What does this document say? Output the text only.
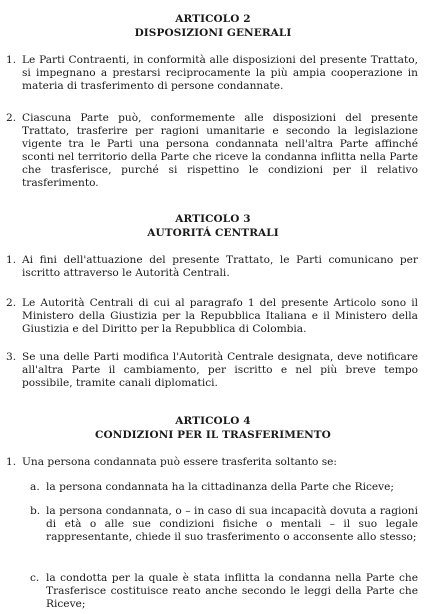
ARTICOLO 2
DISPOSIZIONI GENERALI
1. Le Parti Contraenti, in conformità alle disposizioni del presente Trattato, si impegnano a prestarsi reciprocamente la più ampia cooperazione in materia di trasferimento di persone condannate.
2. Ciascuna Parte può, conformemente alle disposizioni del presente Trattato, trasferire per ragioni umanitarie e secondo la legislazione vigente tra le Parti una persona condannata nell'altra Parte affinché sconti nel territorio della Parte che riceve la condanna inflitta nella Parte che trasferisce, purché si rispettino le condizioni per il relativo trasferimento.
ARTICOLO 3
AUTORITÁ CENTRALI
1. Ai fini dell'attuazione del presente Trattato, le Parti comunicano per iscritto attraverso le Autorità Centrali.
2. Le Autorità Centrali di cui al paragrafo 1 del presente Articolo sono il Ministero della Giustizia per la Repubblica Italiana e il Ministero della Giustizia e del Diritto per la Repubblica di Colombia.
3. Se una delle Parti modifica l'Autorità Centrale designata, deve notificare all'altra Parte il cambiamento, per iscritto e nel più breve tempo possibile, tramite canali diplomatici.
ARTICOLO 4
CONDIZIONI PER IL TRASFERIMENTO
1. Una persona condannata può essere trasferita soltanto se:
a. la persona condannata ha la cittadinanza della Parte che Riceve;
b. la persona condannata, o – in caso di sua incapacità dovuta a ragioni di età o alle sue condizioni fisiche o mentali – il suo legale rappresentante, chiede il suo trasferimento o acconsente allo stesso;
c. la condotta per la quale è stata inflitta la condanna nella Parte che Trasferisce costituisce reato anche secondo le leggi della Parte che Riceve;
